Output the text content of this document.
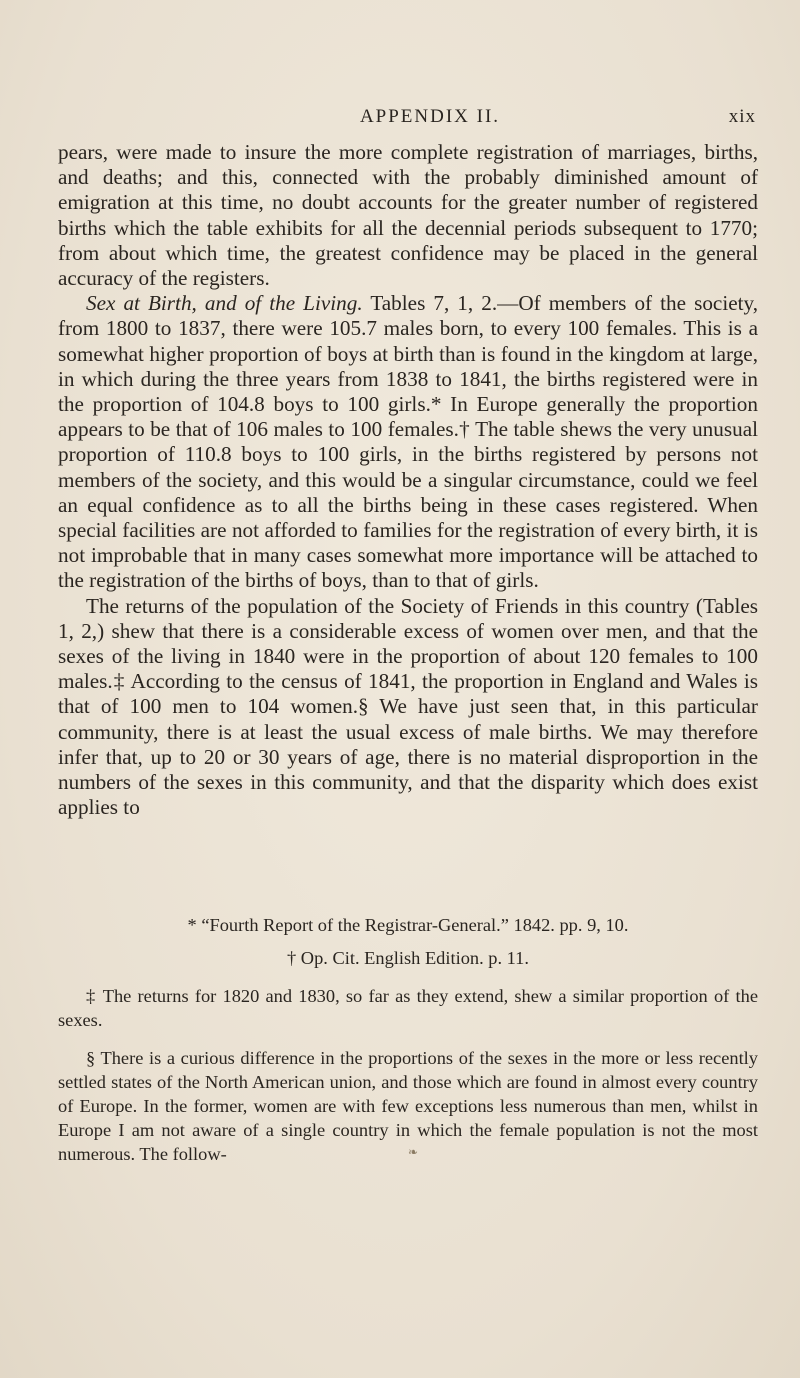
APPENDIX II.	xix

pears, were made to insure the more complete registration of marriages, births, and deaths; and this, connected with the probably diminished amount of emigration at this time, no doubt accounts for the greater number of registered births which the table exhibits for all the decennial periods subsequent to 1770; from about which time, the greatest confidence may be placed in the general accuracy of the registers.

Sex at Birth, and of the Living. Tables 7, 1, 2.—Of members of the society, from 1800 to 1837, there were 105.7 males born, to every 100 females. This is a somewhat higher proportion of boys at birth than is found in the kingdom at large, in which during the three years from 1838 to 1841, the births registered were in the proportion of 104.8 boys to 100 girls.* In Europe generally the proportion appears to be that of 106 males to 100 females.† The table shews the very unusual proportion of 110.8 boys to 100 girls, in the births registered by persons not members of the society, and this would be a singular circumstance, could we feel an equal confidence as to all the births being in these cases registered. When special facilities are not afforded to families for the registration of every birth, it is not improbable that in many cases somewhat more importance will be attached to the registration of the births of boys, than to that of girls.

The returns of the population of the Society of Friends in this country (Tables 1, 2,) shew that there is a considerable excess of women over men, and that the sexes of the living in 1840 were in the proportion of about 120 females to 100 males.‡ According to the census of 1841, the proportion in England and Wales is that of 100 men to 104 women.§ We have just seen that, in this particular community, there is at least the usual excess of male births. We may therefore infer that, up to 20 or 30 years of age, there is no material disproportion in the numbers of the sexes in this community, and that the disparity which does exist applies to

* “Fourth Report of the Registrar-General.” 1842. pp. 9, 10.

† Op. Cit. English Edition. p. 11.

‡ The returns for 1820 and 1830, so far as they extend, shew a similar proportion of the sexes.

§ There is a curious difference in the proportions of the sexes in the more or less recently settled states of the North American union, and those which are found in almost every country of Europe. In the former, women are with few exceptions less numerous than men, whilst in Europe I am not aware of a single country in which the female population is not the most numerous. The follow-	❧
